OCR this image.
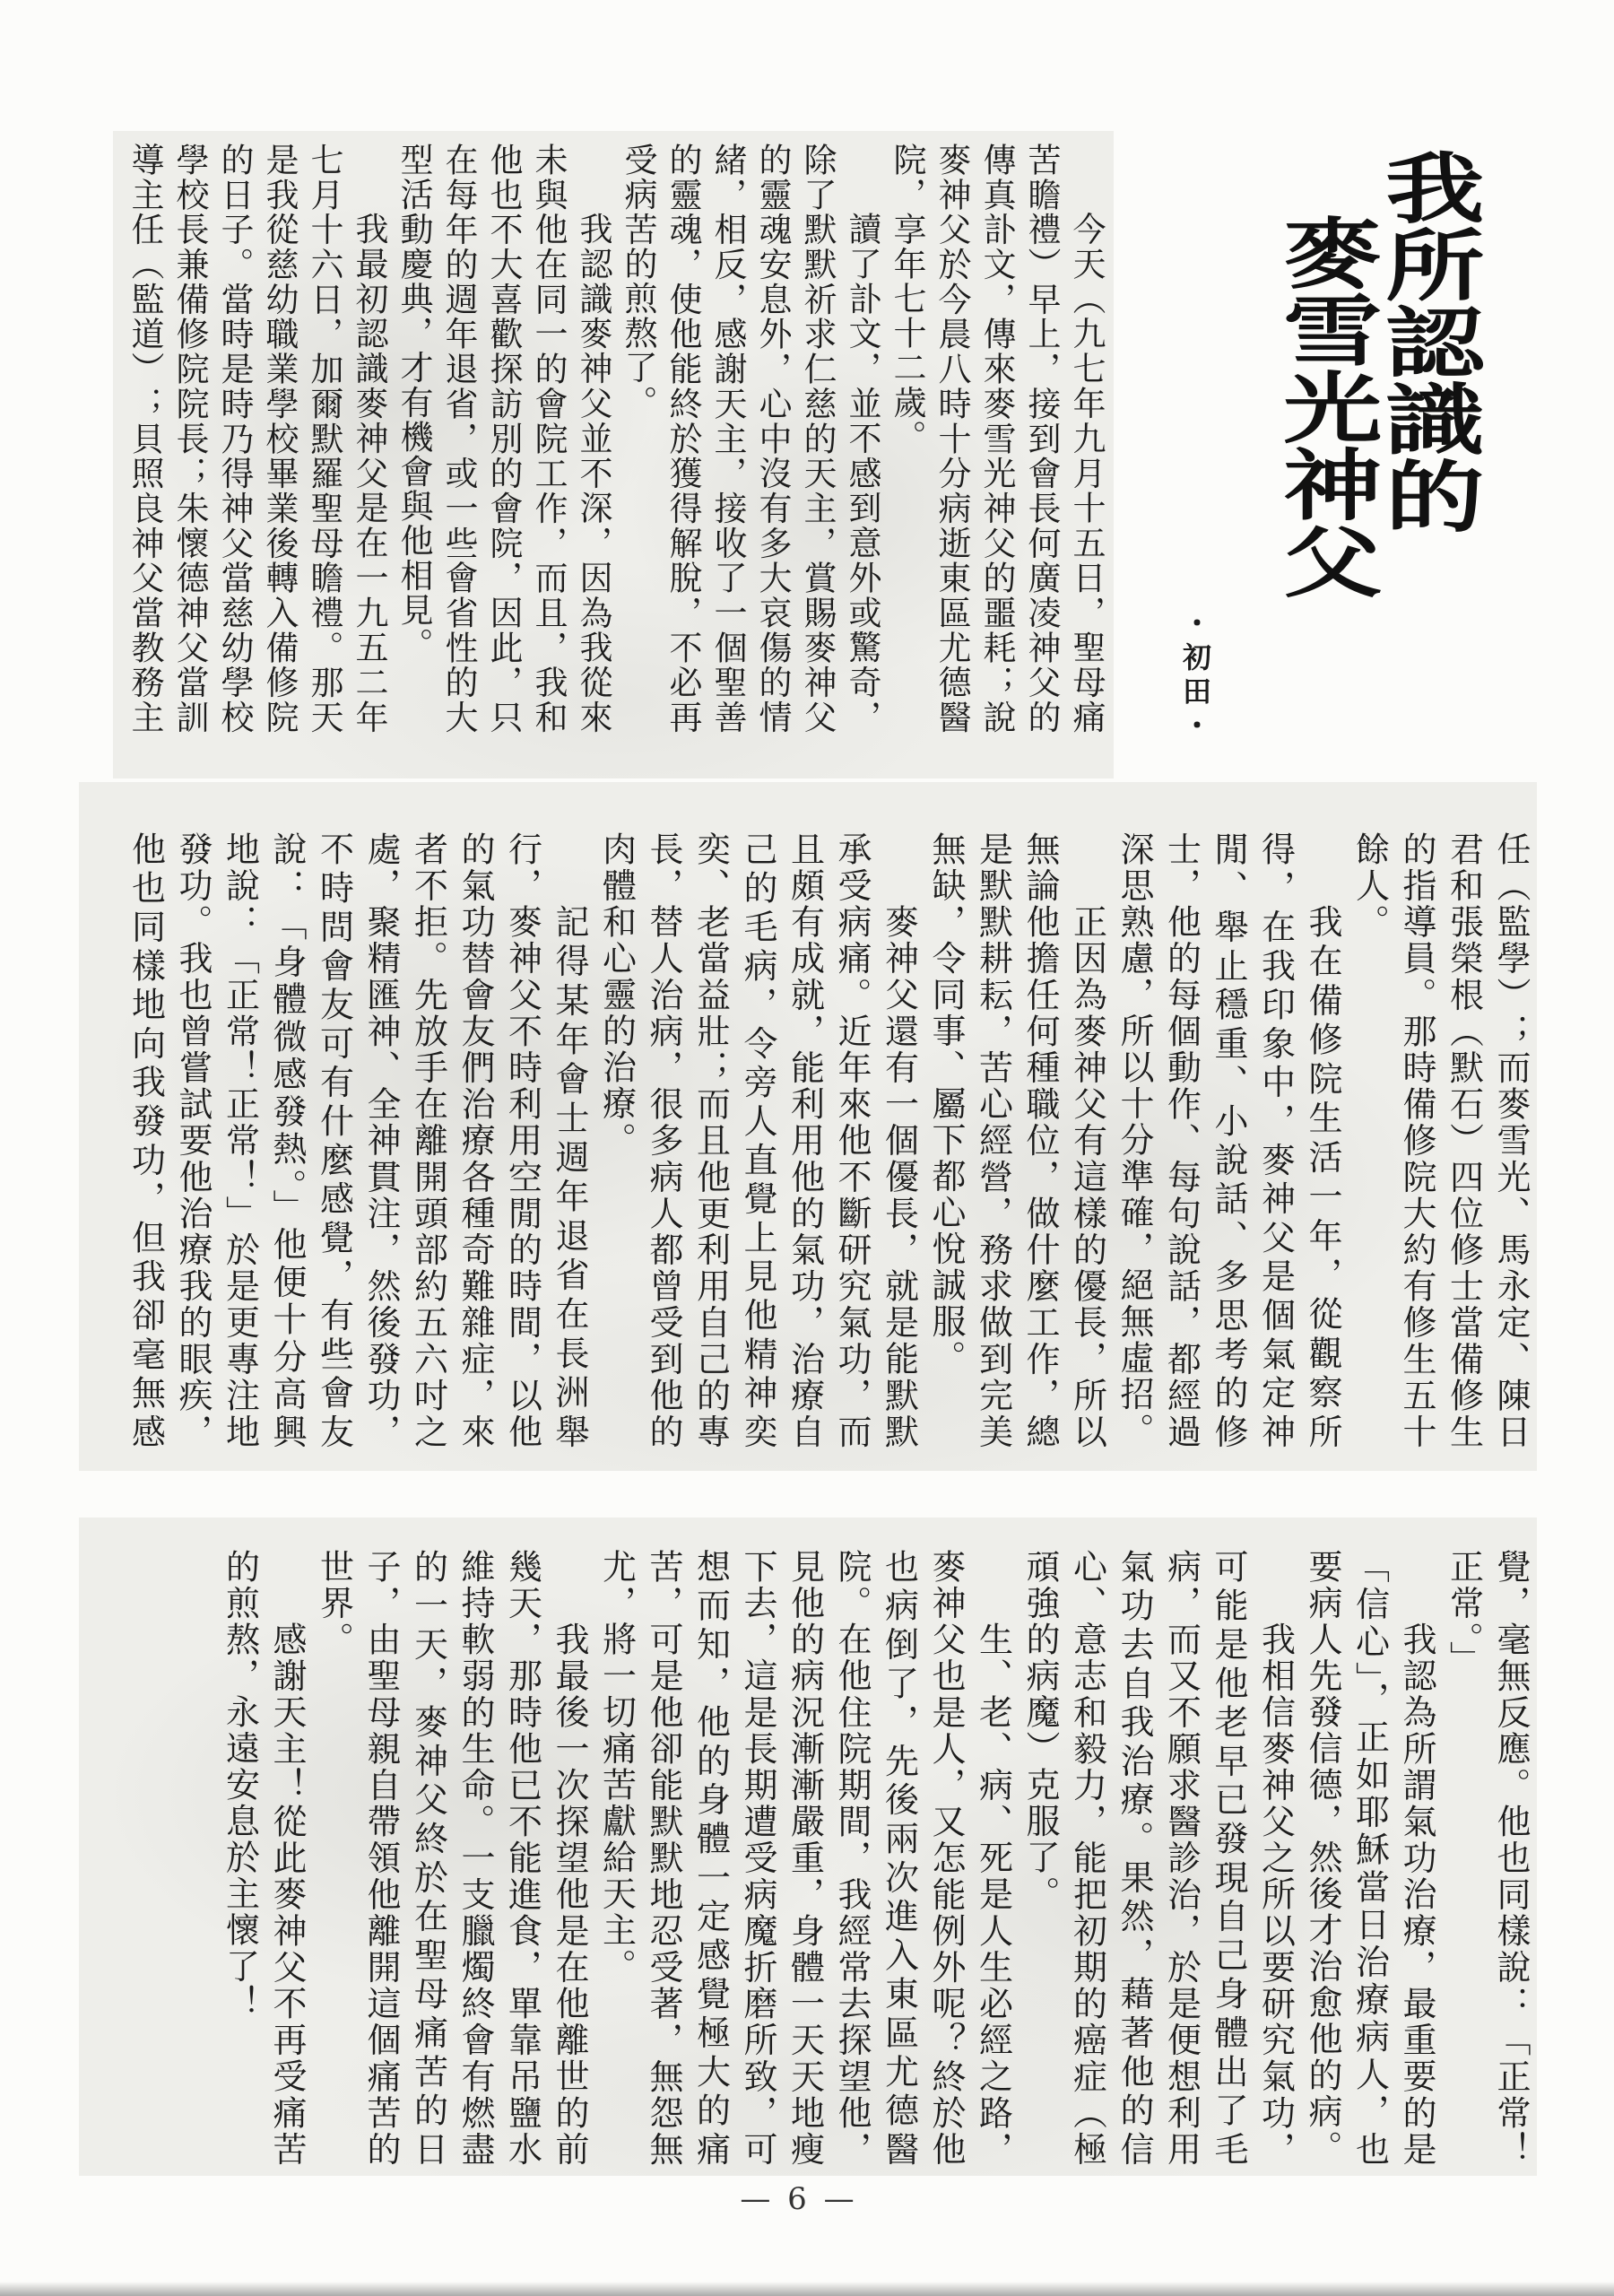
我所認識的
麥雪光神父
・初田・
今天（九七年九月十五日，聖母痛
苦瞻禮）早上，接到會長何廣凌神父的
傳真訃文，傳來麥雪光神父的噩耗；說
麥神父於今晨八時十分病逝東區尤德醫
院，享年七十二歲。
讀了訃文，並不感到意外或驚奇，
除了默默祈求仁慈的天主，賞賜麥神父
的靈魂安息外，心中沒有多大哀傷的情
緒，相反，感謝天主，接收了一個聖善
的靈魂，使他能終於獲得解脫，不必再
受病苦的煎熬了。
我認識麥神父並不深，因為我從來
未與他在同一的會院工作，而且，我和
他也不大喜歡探訪別的會院，因此，只
在每年的週年退省，或一些會省性的大
型活動慶典，才有機會與他相見。
我最初認識麥神父是在一九五二年
七月十六日，加爾默羅聖母瞻禮。那天
是我從慈幼職業學校畢業後轉入備修院
的日子。當時是時乃得神父當慈幼學校
學校長兼備修院院長；朱懷德神父當訓
導主任（監道）；貝照良神父當教務主
任（監學）；而麥雪光、馬永定、陳日
君和張榮根（默石）四位修士當備修生
的指導員。那時備修院大約有修生五十
餘人。
我在備修院生活一年，從觀察所
得，在我印象中，麥神父是個氣定神
閒、舉止穩重、小說話、多思考的修
士，他的每個動作、每句說話，都經過
深思熟慮，所以十分準確，絕無虛招。
正因為麥神父有這樣的優長，所以
無論他擔任何種職位，做什麼工作，總
是默默耕耘，苦心經營，務求做到完美
無缺，令同事、屬下都心悅誠服。
麥神父還有一個優長，就是能默默
承受病痛。近年來他不斷研究氣功，而
且頗有成就，能利用他的氣功，治療自
己的毛病，令旁人直覺上見他精神奕
奕、老當益壯；而且他更利用自己的專
長，替人治病，很多病人都曾受到他的
肉體和心靈的治療。
記得某年會士週年退省在長洲舉
行，麥神父不時利用空閒的時間，以他
的氣功替會友們治療各種奇難雜症，來
者不拒。先放手在離開頭部約五六吋之
處，聚精匯神、全神貫注，然後發功，
不時問會友可有什麼感覺，有些會友
說：「身體微感發熱。」他便十分高興
地說：「正常！正常！」於是更專注地
發功。我也曾嘗試要他治療我的眼疾，
他也同樣地向我發功，但我卻毫無感
覺，毫無反應。他也同樣說：「正常！
正常。」
我認為所謂氣功治療，最重要的是
「信心」，正如耶穌當日治療病人，也
要病人先發信德，然後才治愈他的病。
我相信麥神父之所以要研究氣功，
可能是他老早已發現自己身體出了毛
病，而又不願求醫診治，於是便想利用
氣功去自我治療。果然，藉著他的信
心、意志和毅力，能把初期的癌症（極
頑強的病魔）克服了。
生、老、病、死是人生必經之路，
麥神父也是人，又怎能例外呢？終於他
也病倒了，先後兩次進入東區尤德醫
院。在他住院期間，我經常去探望他，
見他的病況漸漸嚴重，身體一天天地瘦
下去，這是長期遭受病魔折磨所致，可
想而知，他的身體一定感覺極大的痛
苦，可是他卻能默默地忍受著，無怨無
尤，將一切痛苦獻給天主。
我最後一次探望他是在他離世的前
幾天，那時他已不能進食，單靠吊鹽水
維持軟弱的生命。一支臘燭終會有燃盡
的一天，麥神父終於在聖母痛苦的日
子，由聖母親自帶領他離開這個痛苦的
世界。
感謝天主！從此麥神父不再受痛苦
的煎熬，永遠安息於主懷了！
— 6 —
